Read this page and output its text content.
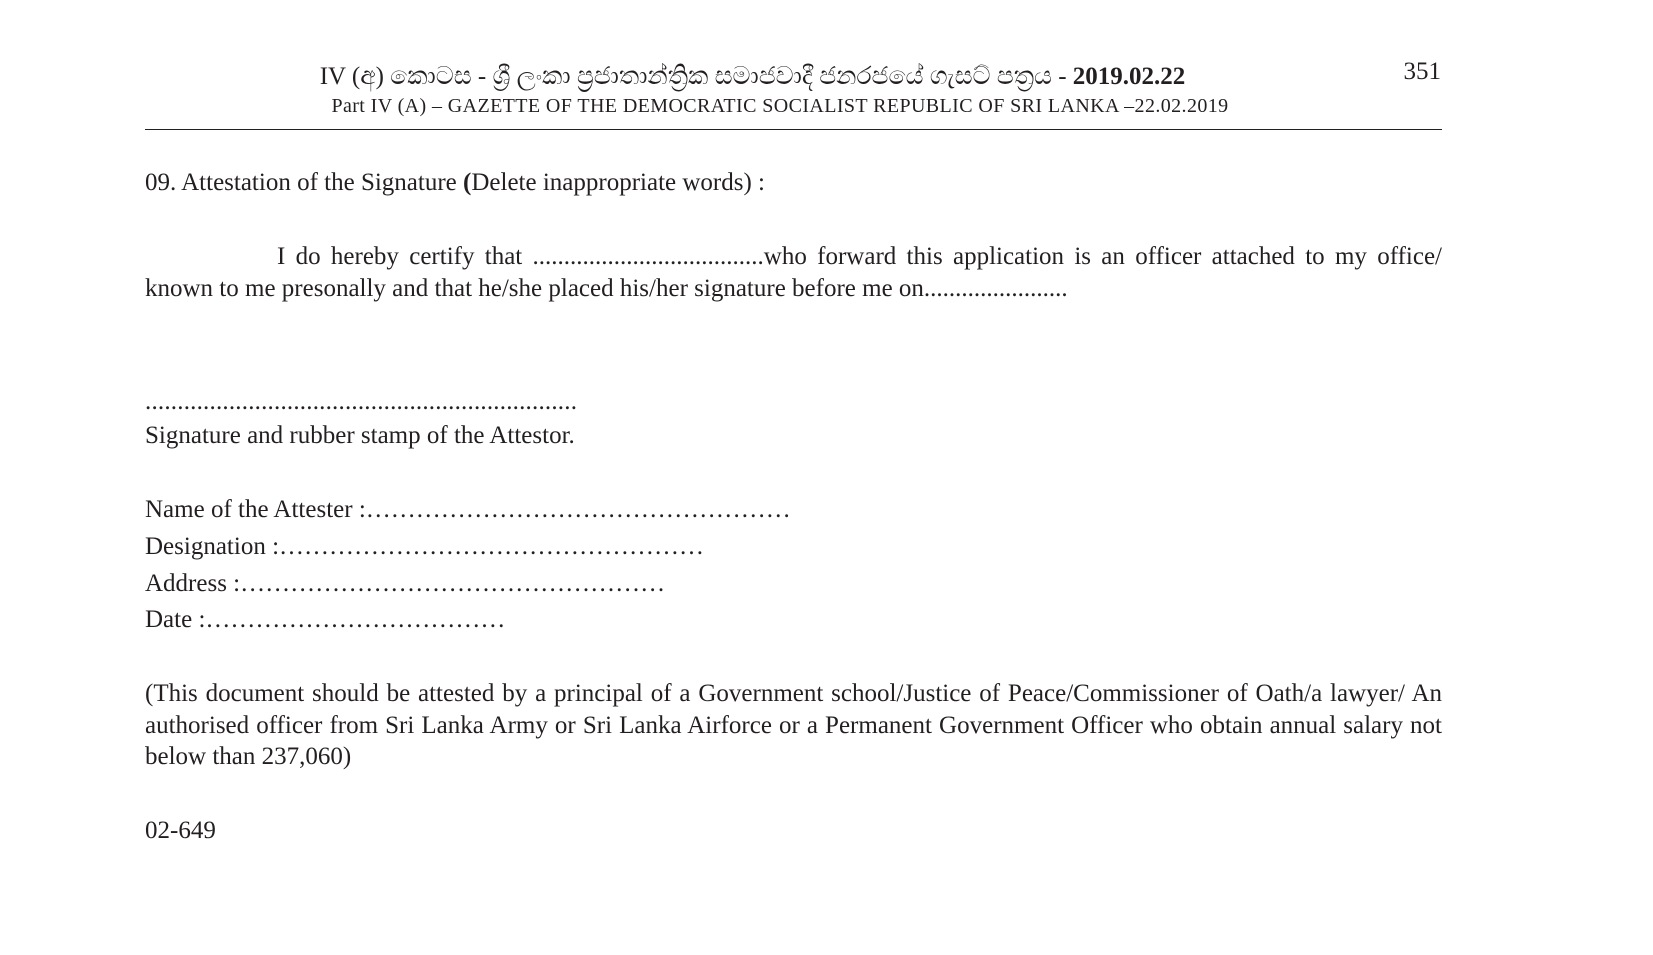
IV (අ) කොටස - ශ්‍රී ලංකා ප්‍රජාතාන්ත්‍රික සමාජවාදී ජනරජයේ ගැසට් පත්‍රය - 2019.02.22
Part IV (A) – GAZETTE OF THE DEMOCRATIC SOCIALIST REPUBLIC OF SRI LANKA –22.02.2019
351
09. Attestation of the Signature (Delete inappropriate words) :
I do hereby certify that .....................................who forward this application is an officer attached to my office/ known to me presonally and that he/she placed his/her signature before me on.......................
...................................................................
Signature and rubber stamp of the Attestor.
Name of the Attester :……………………………………………
Designation :……………………………………………
Address :……………………………………………
Date :………………………………
(This document should be attested by a principal of a Government school/Justice of Peace/Commissioner of Oath/a lawyer/ An authorised officer from Sri Lanka Army or Sri Lanka Airforce or a Permanent Government Officer who obtain annual salary not below than 237,060)
02-649
